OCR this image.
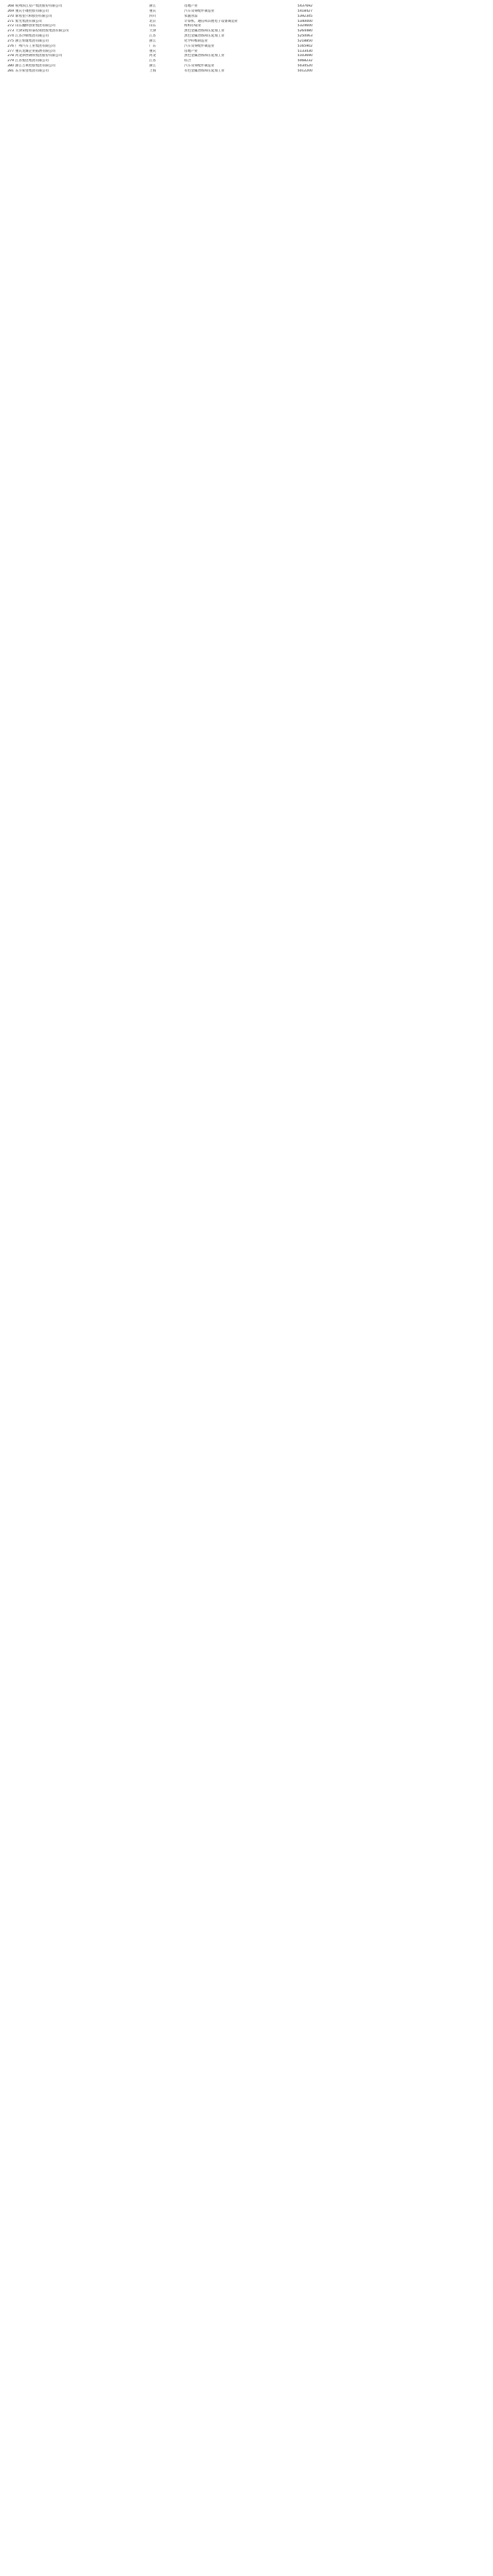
268	杭州滨江房产集团股份有限公司	浙江	房地产业	5437692	
269	重庆小康控股有限公司	重庆	汽车及零配件制造业	5418427	
270	新希望六和股份有限公司	四川	农副食品	5392345	
271	紫光集团有限公司	北京	计算机、通信和其他电子设备制造业	5340000	
272	山东魏桥创业集团有限公司	山东	纺织印染业	5324600	
273	天津荣程祥泰投资控股集团有限公司	天津	黑色金属冶炼和压延加工业	5264480	
274	江苏沙钢集团有限公司	江苏	黑色金属冶炼和压延加工业	5250063	
275	浙江恒逸集团有限公司	浙江	化学纤维制造业	5218850	
276	广州汽车工业集团有限公司	广东	汽车及零配件制造业	5165902	
277	重庆龙湖企业拓展有限公司	重庆	房地产业	5133430	
278	河北津西钢铁集团股份有限公司	河北	黑色金属冶炼和压延加工业	5103690	
279	江苏悦达集团有限公司	江苏	综合	5068232	
280	浙江吉利控股集团有限公司	浙江	汽车及零配件制造业	5034520	
281	东方希望集团有限公司	上海	有色金属冶炼和压延加工业	5012200	
